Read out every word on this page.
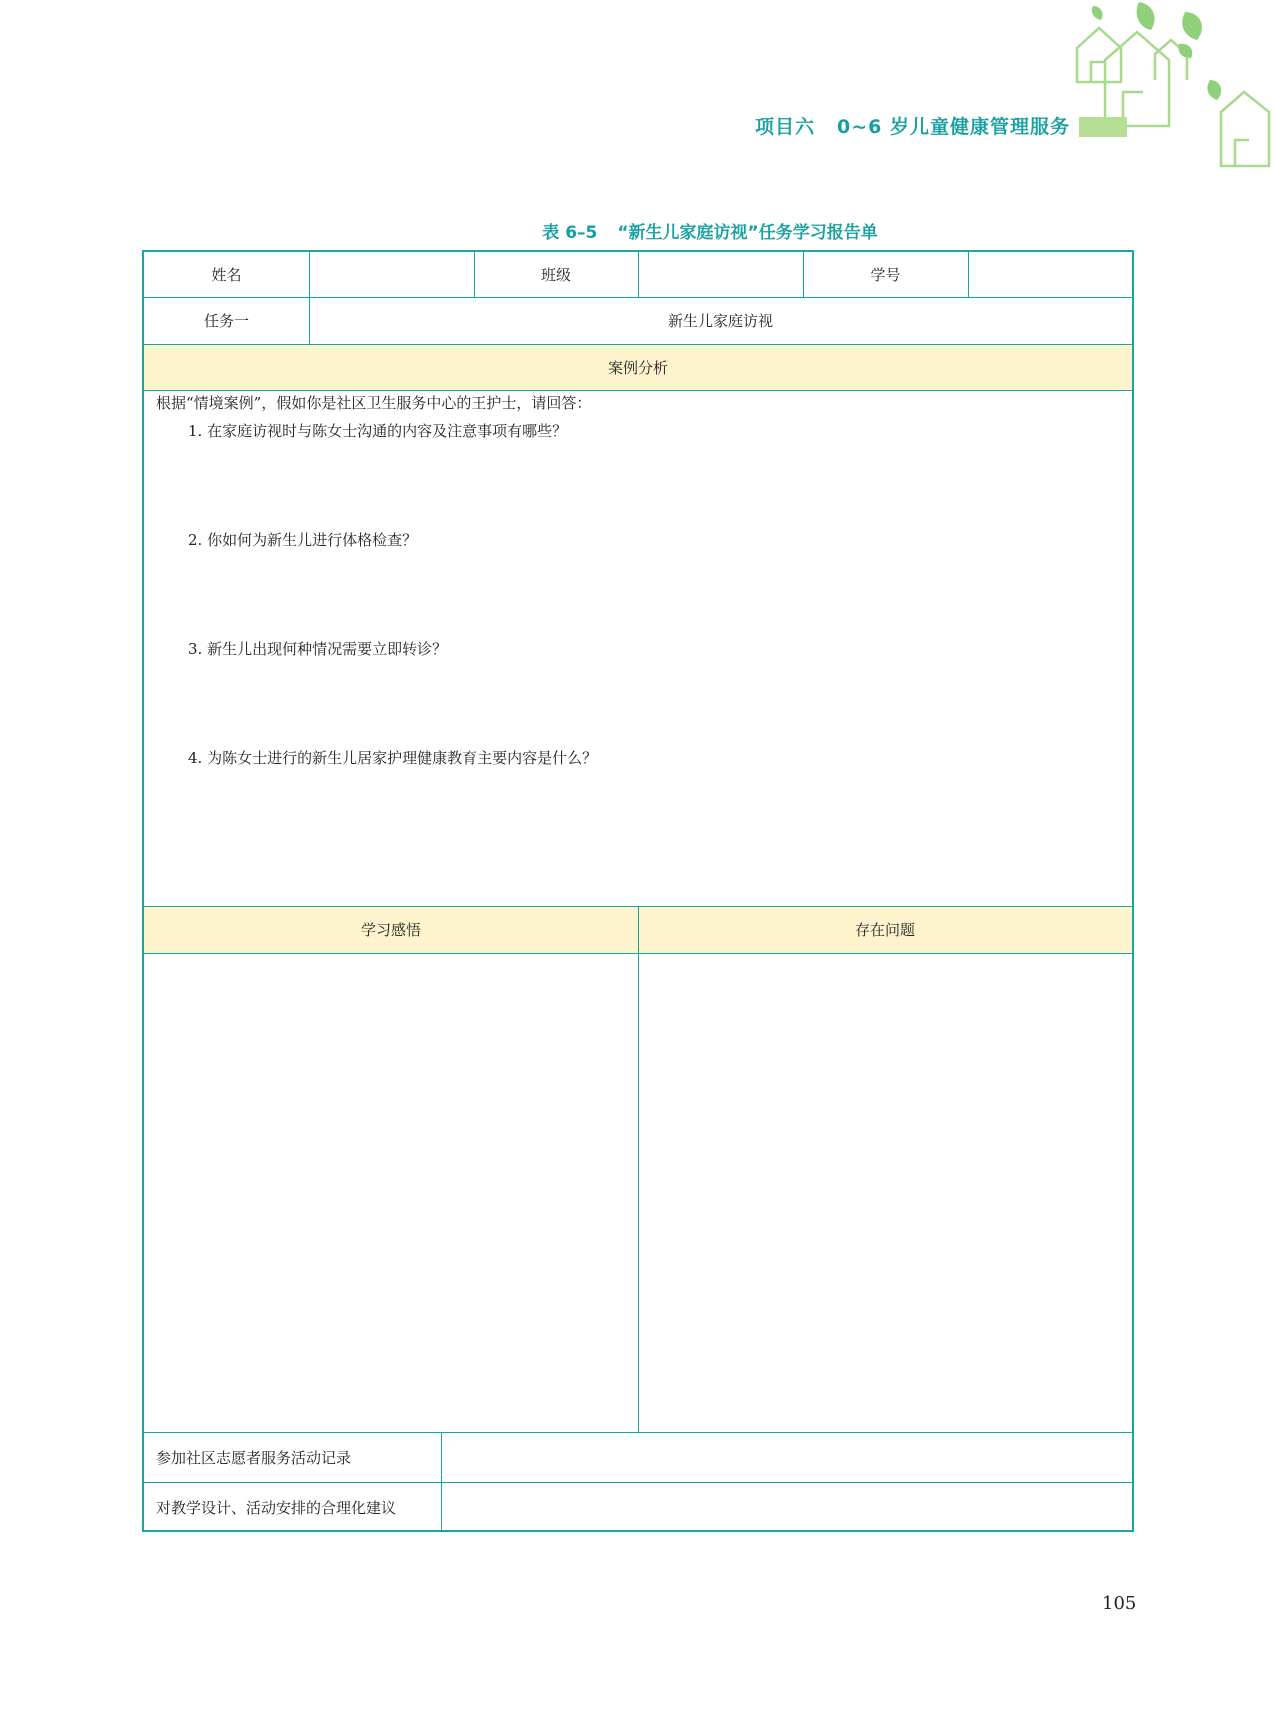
项目六 0~6 岁儿童健康管理服务
表 6–5 “新生儿家庭访视”任务学习报告单
姓名	班级	学号
任务一	新生儿家庭访视
案例分析
根据“情境案例”，假如你是社区卫生服务中心的王护士，请回答：
1. 在家庭访视时与陈女士沟通的内容及注意事项有哪些？
2. 你如何为新生儿进行体格检查？
3. 新生儿出现何种情况需要立即转诊？
4. 为陈女士进行的新生儿居家护理健康教育主要内容是什么？
学习感悟	存在问题
参加社区志愿者服务活动记录
对教学设计、活动安排的合理化建议
105
